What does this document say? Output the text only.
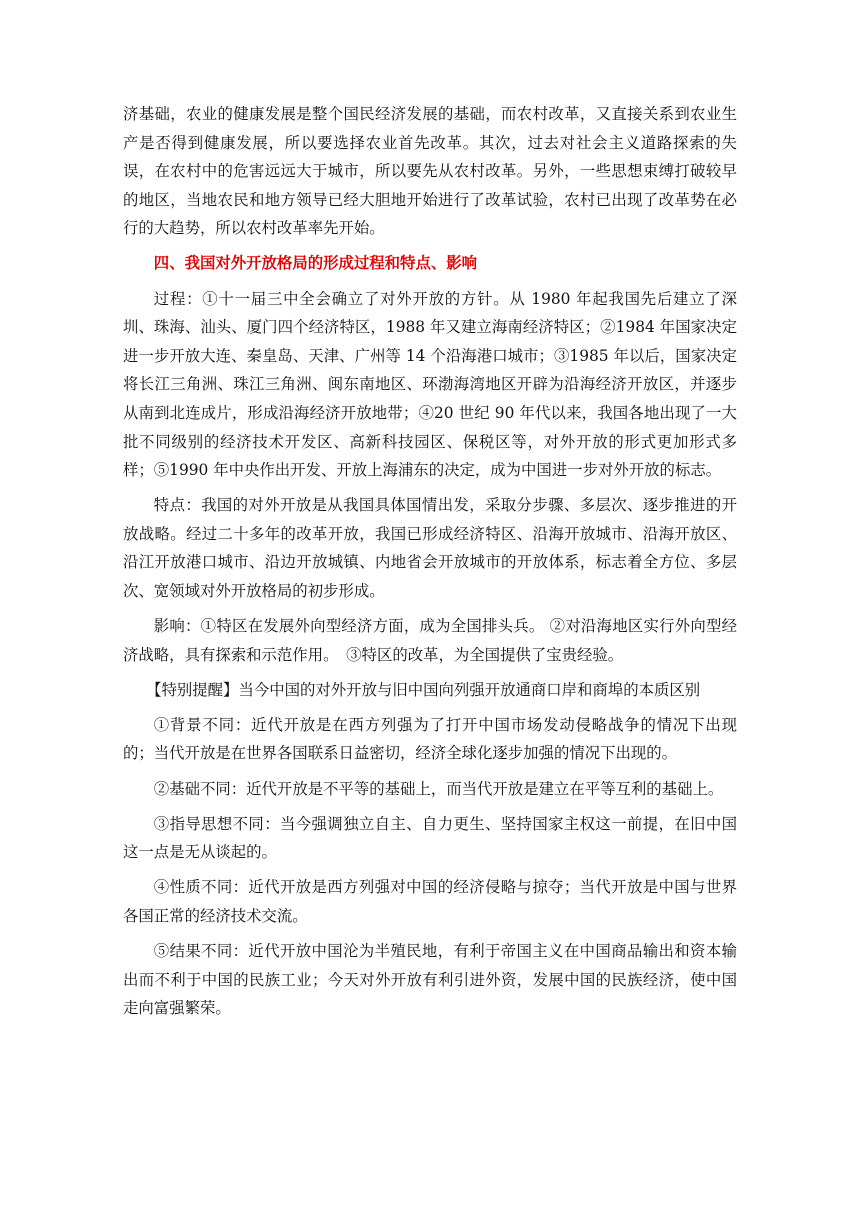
济基础，农业的健康发展是整个国民经济发展的基础，而农村改革，又直接关系到农业生产是否得到健康发展，所以要选择农业首先改革。其次，过去对社会主义道路探索的失误，在农村中的危害远远大于城市，所以要先从农村改革。另外，一些思想束缚打破较早的地区，当地农民和地方领导已经大胆地开始进行了改革试验，农村已出现了改革势在必行的大趋势，所以农村改革率先开始。

四、我国对外开放格局的形成过程和特点、影响

过程：①十一届三中全会确立了对外开放的方针。从 1980 年起我国先后建立了深圳、珠海、汕头、厦门四个经济特区，1988 年又建立海南经济特区；②1984 年国家决定进一步开放大连、秦皇岛、天津、广州等 14 个沿海港口城市；③1985 年以后，国家决定将长江三角洲、珠江三角洲、闽东南地区、环渤海湾地区开辟为沿海经济开放区，并逐步从南到北连成片，形成沿海经济开放地带；④20 世纪 90 年代以来，我国各地出现了一大批不同级别的经济技术开发区、高新科技园区、保税区等，对外开放的形式更加形式多样；⑤1990 年中央作出开发、开放上海浦东的决定，成为中国进一步对外开放的标志。

特点：我国的对外开放是从我国具体国情出发，采取分步骤、多层次、逐步推进的开放战略。经过二十多年的改革开放，我国已形成经济特区、沿海开放城市、沿海开放区、沿江开放港口城市、沿边开放城镇、内地省会开放城市的开放体系，标志着全方位、多层次、宽领域对外开放格局的初步形成。

影响：①特区在发展外向型经济方面，成为全国排头兵。 ②对沿海地区实行外向型经济战略，具有探索和示范作用。　③特区的改革，为全国提供了宝贵经验。

【特别提醒】当今中国的对外开放与旧中国向列强开放通商口岸和商埠的本质区别

①背景不同：近代开放是在西方列强为了打开中国市场发动侵略战争的情况下出现的；当代开放是在世界各国联系日益密切，经济全球化逐步加强的情况下出现的。

②基础不同：近代开放是不平等的基础上，而当代开放是建立在平等互利的基础上。

③指导思想不同：当今强调独立自主、自力更生、坚持国家主权这一前提，在旧中国这一点是无从谈起的。

④性质不同：近代开放是西方列强对中国的经济侵略与掠夺；当代开放是中国与世界各国正常的经济技术交流。

⑤结果不同：近代开放中国沦为半殖民地，有利于帝国主义在中国商品输出和资本输出而不利于中国的民族工业；今天对外开放有利引进外资，发展中国的民族经济，使中国走向富强繁荣。
